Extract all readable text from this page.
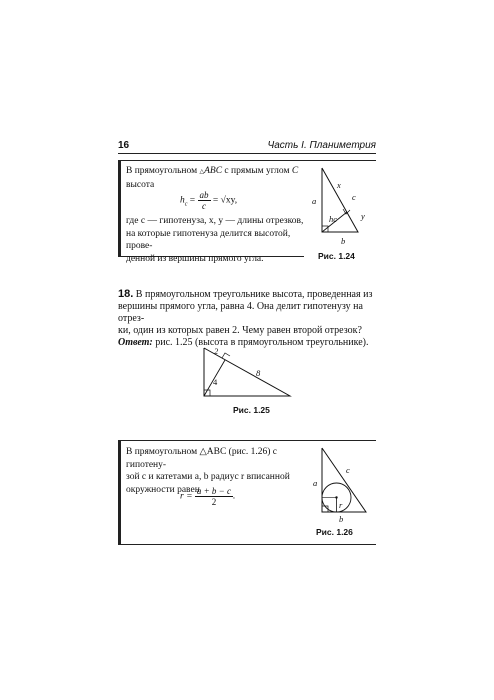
16	Часть I. Планиметрия
В прямоугольном △ABC с прямым углом C
высота
$h_c = \frac{ab}{c} = √xy$,
где c — гипотенуза, x, y — длины отрезков,
на которые гипотенуза делится высотой, прове-
денной из вершины прямого угла.
x
c
a
y
hc
b
Рис. 1.24
18. В прямоугольном треугольнике высота, проведенная из
вершины прямого угла, равна 4. Она делит гипотенузу на отрез-
ки, один из которых равен 2. Чему равен второй отрезок?
Ответ: рис. 1.25 (высота в прямоугольном треугольнике).
2
4
8
Рис. 1.25
В прямоугольном △ABC (рис. 1.26) с гипотену-
зой c и катетами a, b радиус r вписанной
окружности равен
$r = \frac{a + b - c}{2}$ .
c
a
r
b
Рис. 1.26
